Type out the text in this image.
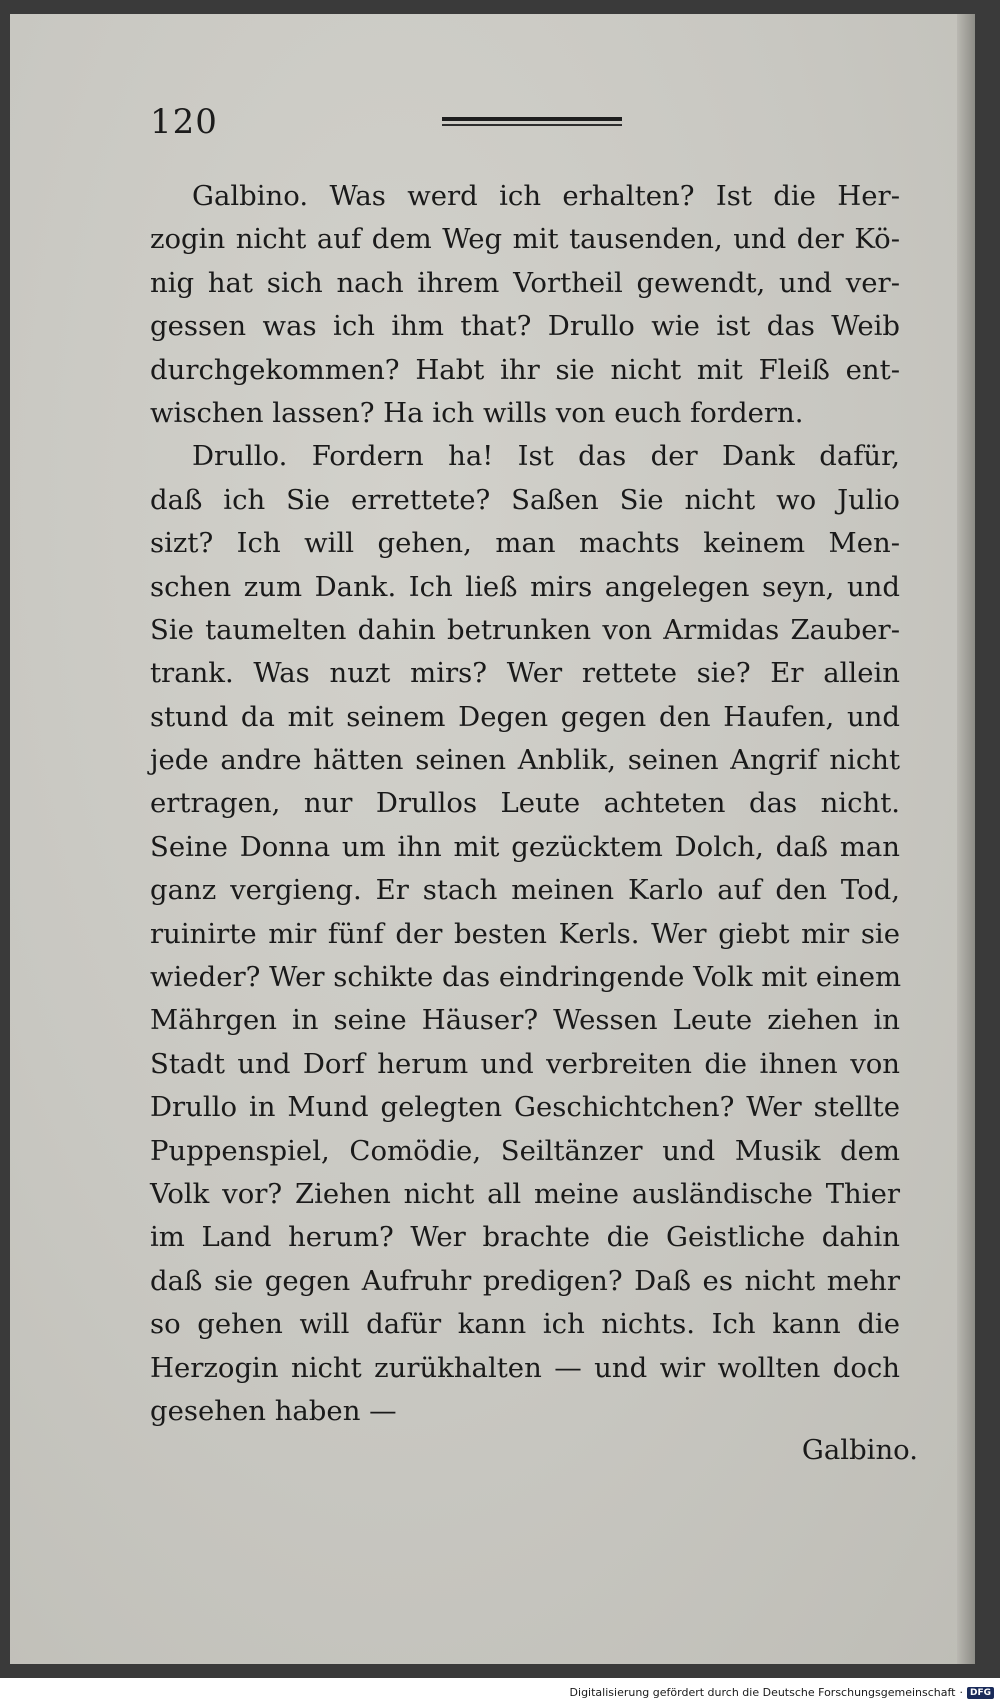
120
Galbino. Was werd ich erhalten? Ist die Her-
zogin nicht auf dem Weg mit tausenden, und der Kö-
nig hat sich nach ihrem Vortheil gewendt, und ver-
gessen was ich ihm that? Drullo wie ist das Weib
durchgekommen? Habt ihr sie nicht mit Fleiß ent-
wischen lassen? Ha ich wills von euch fordern.
Drullo. Fordern ha! Ist das der Dank dafür,
daß ich Sie errettete? Saßen Sie nicht wo Julio
sizt? Ich will gehen, man machts keinem Men-
schen zum Dank. Ich ließ mirs angelegen seyn, und
Sie taumelten dahin betrunken von Armidas Zauber-
trank. Was nuzt mirs? Wer rettete sie? Er allein
stund da mit seinem Degen gegen den Haufen, und
jede andre hätten seinen Anblik, seinen Angrif nicht
ertragen, nur Drullos Leute achteten das nicht.
Seine Donna um ihn mit gezücktem Dolch, daß man
ganz vergieng. Er stach meinen Karlo auf den Tod,
ruinirte mir fünf der besten Kerls. Wer giebt mir sie
wieder? Wer schikte das eindringende Volk mit einem
Mährgen in seine Häuser? Wessen Leute ziehen in
Stadt und Dorf herum und verbreiten die ihnen von
Drullo in Mund gelegten Geschichtchen? Wer stellte
Puppenspiel, Comödie, Seiltänzer und Musik dem
Volk vor? Ziehen nicht all meine ausländische Thier
im Land herum? Wer brachte die Geistliche dahin
daß sie gegen Aufruhr predigen? Daß es nicht mehr
so gehen will dafür kann ich nichts. Ich kann die
Herzogin nicht zurükhalten — und wir wollten doch
gesehen haben —
Galbino.
Digitalisierung gefördert durch die Deutsche Forschungsgemeinschaft · DFG
